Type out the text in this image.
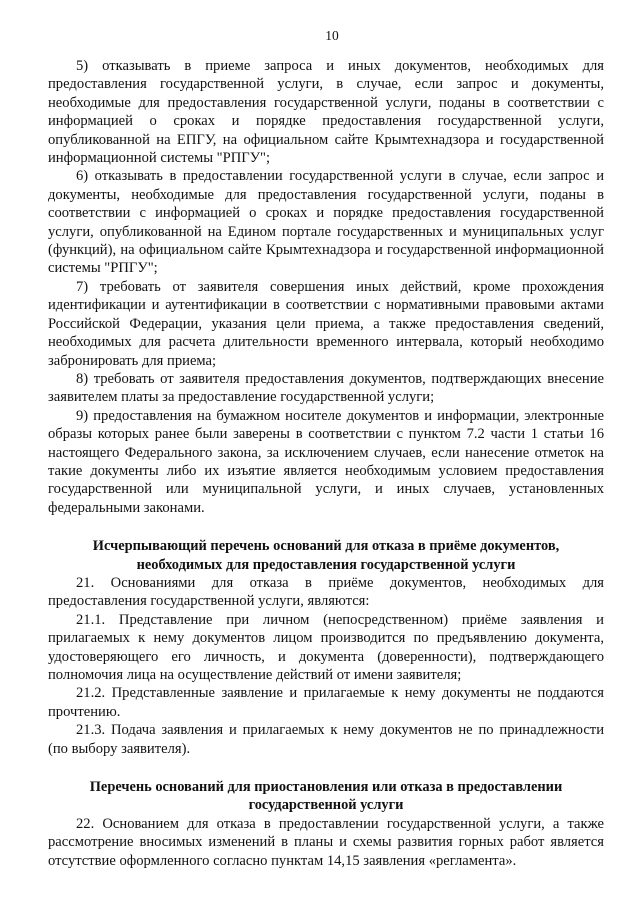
10

5) отказывать в приеме запроса и иных документов, необходимых для предоставления государственной услуги, в случае, если запрос и документы, необходимые для предоставления государственной услуги, поданы в соответствии с информацией о сроках и порядке предоставления государственной услуги, опубликованной на ЕПГУ, на официальном сайте Крымтехнадзора и государственной информационной системы "РПГУ";

6) отказывать в предоставлении государственной услуги в случае, если запрос и документы, необходимые для предоставления государственной услуги, поданы в соответствии с информацией о сроках и порядке предоставления государственной услуги, опубликованной на Едином портале государственных и муниципальных услуг (функций), на официальном сайте Крымтехнадзора и государственной информационной системы "РПГУ";

7) требовать от заявителя совершения иных действий, кроме прохождения идентификации и аутентификации в соответствии с нормативными правовыми актами Российской Федерации, указания цели приема, а также предоставления сведений, необходимых для расчета длительности временного интервала, который необходимо забронировать для приема;

8) требовать от заявителя предоставления документов, подтверждающих внесение заявителем платы за предоставление государственной услуги;

9) предоставления на бумажном носителе документов и информации, электронные образы которых ранее были заверены в соответствии с пунктом 7.2 части 1 статьи 16 настоящего Федерального закона, за исключением случаев, если нанесение отметок на такие документы либо их изъятие является необходимым условием предоставления государственной или муниципальной услуги, и иных случаев, установленных федеральными законами.

Исчерпывающий перечень оснований для отказа в приёме документов,

необходимых для предоставления государственной услуги

21. Основаниями для отказа в приёме документов, необходимых для предоставления государственной услуги, являются:

21.1. Представление при личном (непосредственном) приёме заявления и прилагаемых к нему документов лицом производится по предъявлению документа, удостоверяющего его личность, и документа (доверенности), подтверждающего полномочия лица на осуществление действий от имени заявителя;

21.2. Представленные заявление и прилагаемые к нему документы не поддаются прочтению.

21.3. Подача заявления и прилагаемых к нему документов не по принадлежности (по выбору заявителя).

Перечень оснований для приостановления или отказа в предоставлении

государственной услуги

22. Основанием для отказа в предоставлении государственной услуги, а также рассмотрение вносимых изменений в планы и схемы развития горных работ является отсутствие оформленного согласно пунктам 14,15 заявления «регламента».
